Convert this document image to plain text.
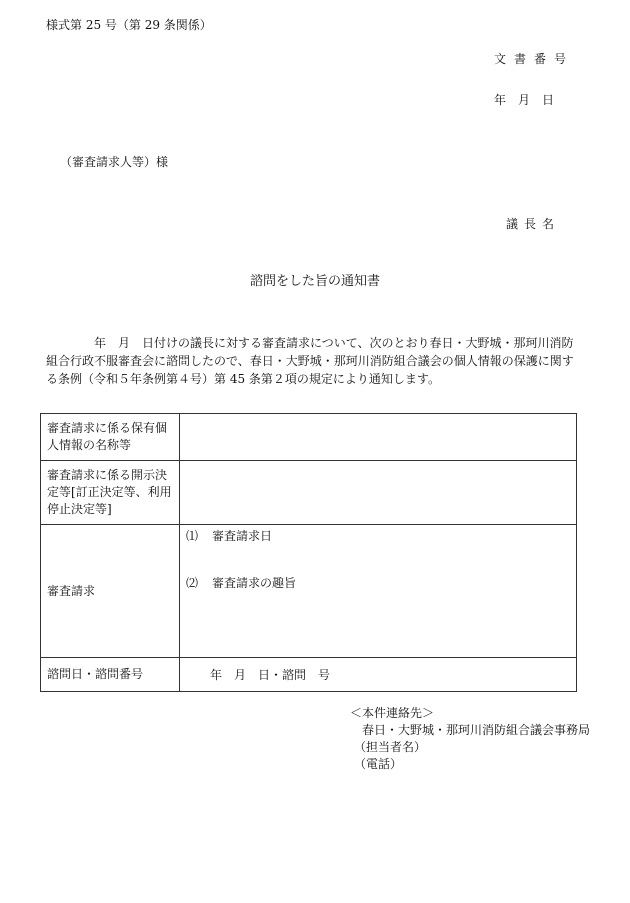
様式第 25 号（第 29 条関係）
文書番号
年　月　日
（審査請求人等）様
議長名
諮問をした旨の通知書
年　月　日付けの議長に対する審査請求について、次のとおり春日・大野城・那珂川消防組合行政不服審査会に諮問したので、春日・大野城・那珂川消防組合議会の個人情報の保護に関する条例（令和５年条例第４号）第 45 条第２項の規定により通知します。
審査請求に係る保有個人情報の名称等	
審査請求に係る開示決定等[訂正決定等、利用停止決定等]	
審査請求	⑴ 審査請求日
⑵ 審査請求の趣旨

諮問日・諮問番号	年　月　日・諮問　号
＜本件連絡先＞
春日・大野城・那珂川消防組合議会事務局
（担当者名）
（電話）
